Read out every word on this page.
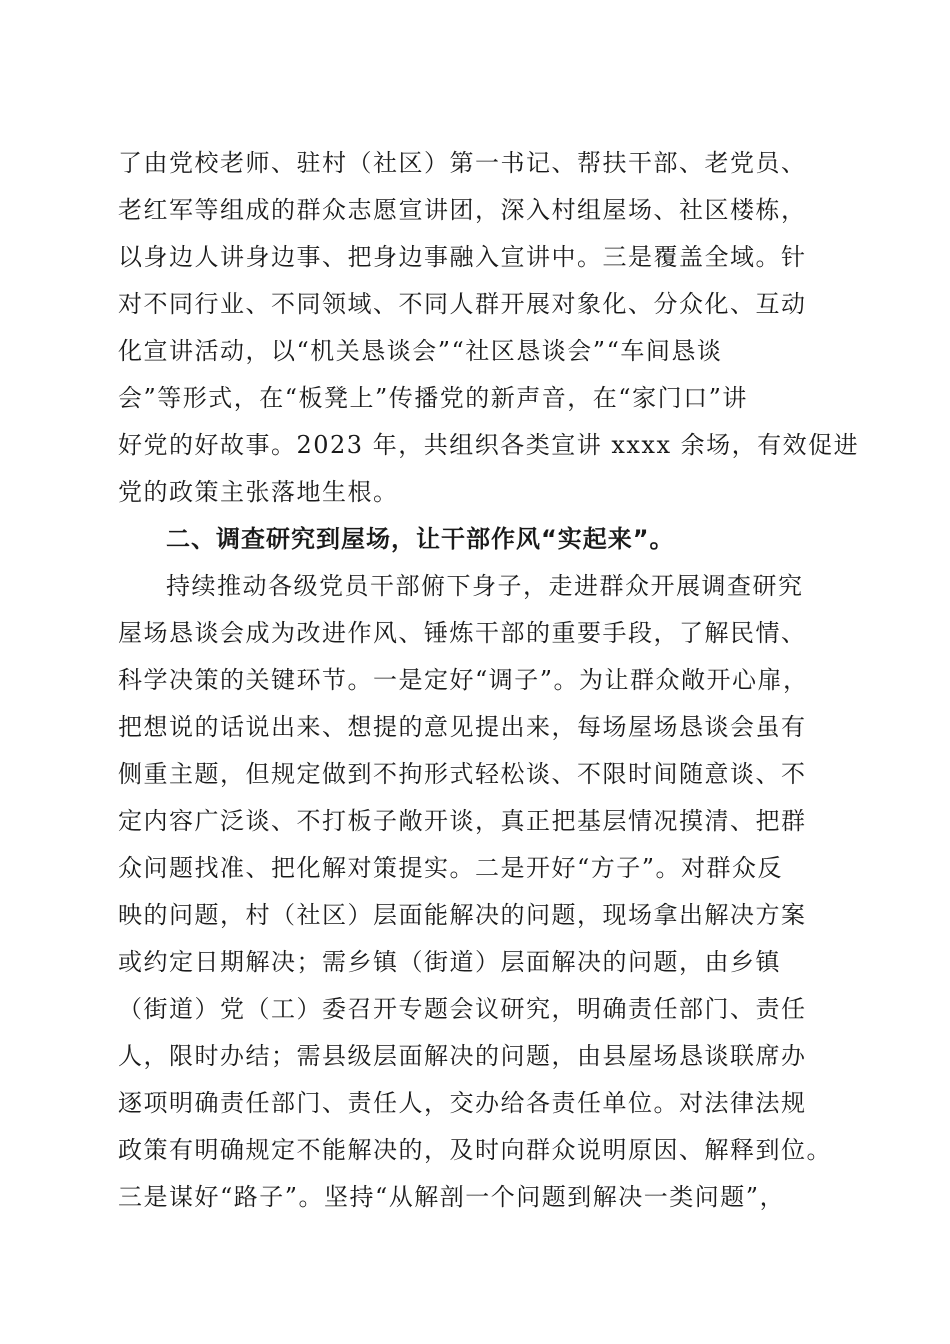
了由党校老师、驻村（社区）第一书记、帮扶干部、老党员、
老红军等组成的群众志愿宣讲团，深入村组屋场、社区楼栋，
以身边人讲身边事、把身边事融入宣讲中。三是覆盖全域。针
对不同行业、不同领域、不同人群开展对象化、分众化、互动
化宣讲活动，以“机关恳谈会”“社区恳谈会”“车间恳谈
会”等形式，在“板凳上”传播党的新声音，在“家门口”讲
好党的好故事。2023 年，共组织各类宣讲 xxxx 余场，有效促进
党的政策主张落地生根。
二、调查研究到屋场，让干部作风“实起来”。
持续推动各级党员干部俯下身子，走进群众开展调查研究
屋场恳谈会成为改进作风、锤炼干部的重要手段，了解民情、
科学决策的关键环节。一是定好“调子”。为让群众敞开心扉，
把想说的话说出来、想提的意见提出来，每场屋场恳谈会虽有
侧重主题，但规定做到不拘形式轻松谈、不限时间随意谈、不
定内容广泛谈、不打板子敞开谈，真正把基层情况摸清、把群
众问题找准、把化解对策提实。二是开好“方子”。对群众反
映的问题，村（社区）层面能解决的问题，现场拿出解决方案
或约定日期解决；需乡镇（街道）层面解决的问题，由乡镇
（街道）党（工）委召开专题会议研究，明确责任部门、责任
人，限时办结；需县级层面解决的问题，由县屋场恳谈联席办
逐项明确责任部门、责任人，交办给各责任单位。对法律法规
政策有明确规定不能解决的，及时向群众说明原因、解释到位。
三是谋好“路子”。坚持“从解剖一个问题到解决一类问题”，
